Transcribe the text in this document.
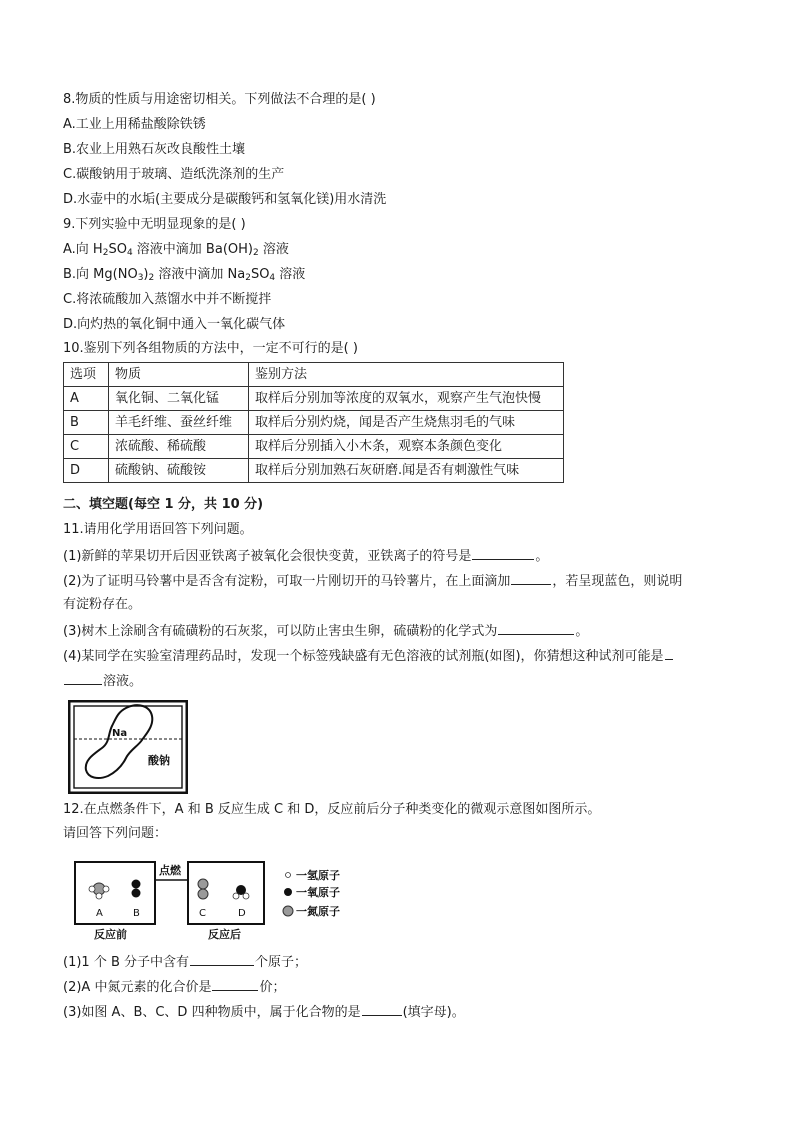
8.物质的性质与用途密切相关。下列做法不合理的是( )
A.工业上用稀盐酸除铁锈
B.农业上用熟石灰改良酸性土壤
C.碳酸钠用于玻璃、造纸洗涤剂的生产
D.水壶中的水垢(主要成分是碳酸钙和氢氧化镁)用水清洗
9.下列实验中无明显现象的是( )
A.向 $H_2SO_4$ 溶液中滴加 $Ba(OH)_2$ 溶液
B.向 $Mg(NO_3)_2$ 溶液中滴加 $Na_2SO_4$ 溶液
C.将浓硫酸加入蒸馏水中并不断搅拌
D.向灼热的氧化铜中通入一氧化碳气体
10.鉴别下列各组物质的方法中，一定不可行的是( )
选项	物质	鉴别方法
A	氧化铜、二氧化锰	取样后分别加等浓度的双氧水，观察产生气泡快慢
B	羊毛纤维、蚕丝纤维	取样后分别灼烧，闻是否产生烧焦羽毛的气味
C	浓硫酸、稀硫酸	取样后分别插入小木条，观察本条颜色变化
D	硫酸钠、硫酸铵	取样后分别加熟石灰研磨.闻是否有刺激性气味
二、填空题(每空 1 分，共 10 分)
11.请用化学用语回答下列问题。
(1)新鲜的苹果切开后因亚铁离子被氧化会很快变黄，亚铁离子的符号是	。
(2)为了证明马铃薯中是否含有淀粉，可取一片刚切开的马铃薯片，在上面滴加	，若呈现蓝色，则说明
有淀粉存在。
(3)树木上涂刷含有硫磺粉的石灰浆，可以防止害虫生卵，硫磺粉的化学式为	。
(4)某同学在实验室清理药品时，发现一个标签残缺盛有无色溶液的试剂瓶(如图)，你猜想这种试剂可能是
溶液。
Na
酸钠
12.在点燃条件下，A 和 B 反应生成 C 和 D，反应前后分子种类变化的微观示意图如图所示。
请回答下列问题：
A	B
点燃
C	D
反应前	反应后
一氢原子
一氧原子
一氮原子
(1)1 个 B 分子中含有	个原子；
(2)A 中氮元素的化合价是	价；
(3)如图 A、B、C、D 四种物质中，属于化合物的是	(填字母)。
